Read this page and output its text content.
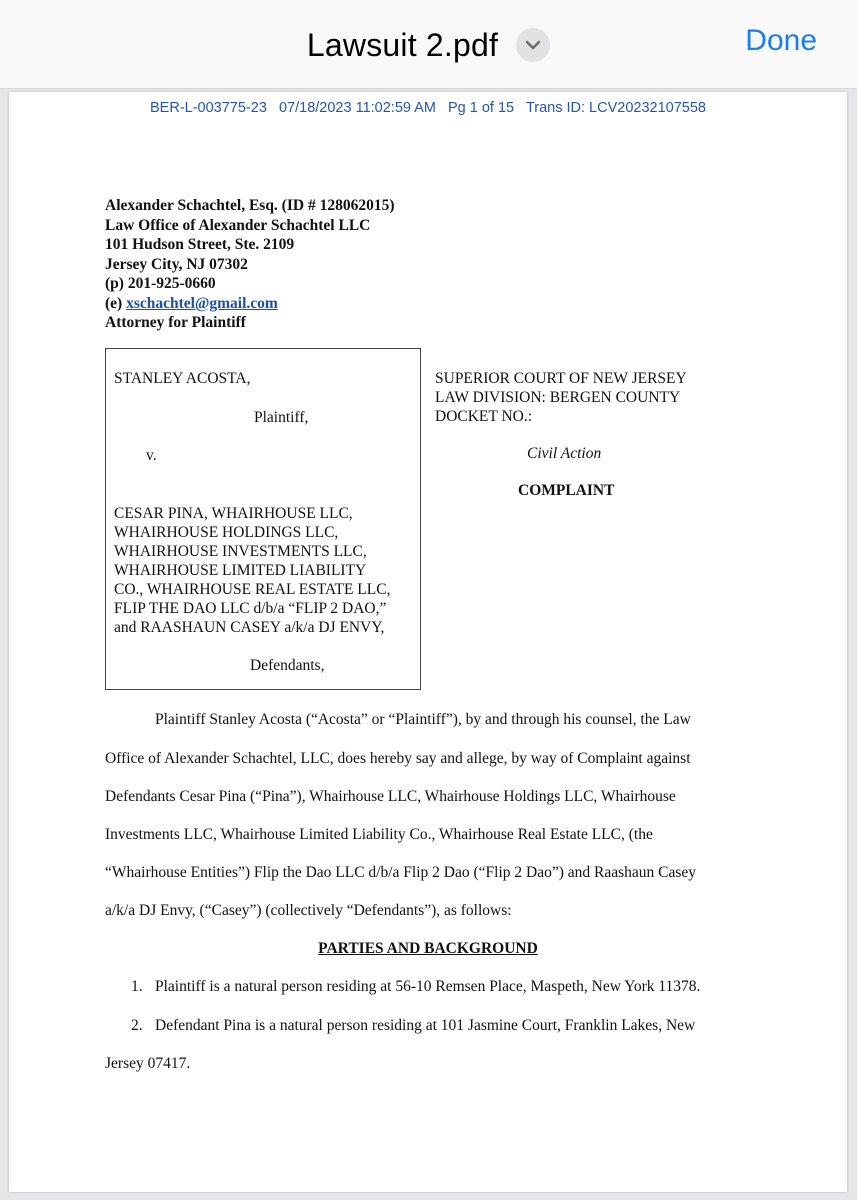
Lawsuit 2.pdf	Done
BER-L-003775-23   07/18/2023 11:02:59 AM   Pg 1 of 15   Trans ID: LCV20232107558
Alexander Schachtel, Esq. (ID # 128062015)
Law Office of Alexander Schachtel LLC
101 Hudson Street, Ste. 2109
Jersey City, NJ 07302
(p) 201-925-0660
(e) xschachtel@gmail.com
Attorney for Plaintiff
STANLEY ACOSTA,
Plaintiff,
v.
CESAR PINA, WHAIRHOUSE LLC,
WHAIRHOUSE HOLDINGS LLC,
WHAIRHOUSE INVESTMENTS LLC,
WHAIRHOUSE LIMITED LIABILITY
CO., WHAIRHOUSE REAL ESTATE LLC,
FLIP THE DAO LLC d/b/a “FLIP 2 DAO,”
and RAASHAUN CASEY a/k/a DJ ENVY,
Defendants,
SUPERIOR COURT OF NEW JERSEY
LAW DIVISION: BERGEN COUNTY
DOCKET NO.:
Civil Action
COMPLAINT
Plaintiff Stanley Acosta (“Acosta” or “Plaintiff”), by and through his counsel, the Law
Office of Alexander Schachtel, LLC, does hereby say and allege, by way of Complaint against
Defendants Cesar Pina (“Pina”), Whairhouse LLC, Whairhouse Holdings LLC, Whairhouse
Investments LLC, Whairhouse Limited Liability Co., Whairhouse Real Estate LLC, (the
“Whairhouse Entities”) Flip the Dao LLC d/b/a Flip 2 Dao (“Flip 2 Dao”) and Raashaun Casey
a/k/a DJ Envy, (“Casey”) (collectively “Defendants”), as follows:
PARTIES AND BACKGROUND
1. Plaintiff is a natural person residing at 56-10 Remsen Place, Maspeth, New York 11378.
2. Defendant Pina is a natural person residing at 101 Jasmine Court, Franklin Lakes, New
Jersey 07417.
